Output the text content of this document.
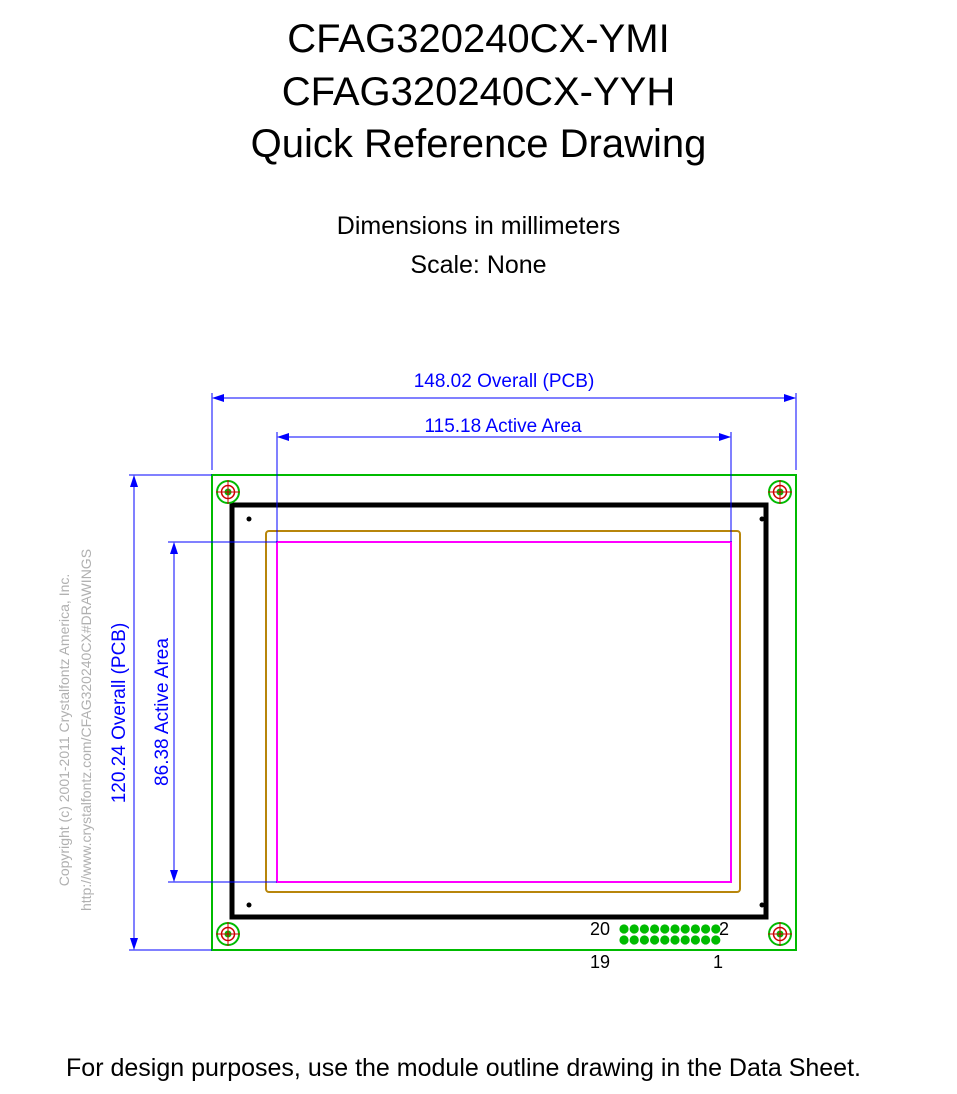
CFAG320240CX-YMI
CFAG320240CX-YYH
Quick Reference Drawing
Dimensions in millimeters
Scale: None
20	2
19	1
148.02 Overall (PCB)
115.18 Active Area
120.24 Overall (PCB) 86.38 Active Area
Copyright (c) 2001-2011 Crystalfontz America, Inc. http://www.crystalfontz.com/CFAG320240CX#DRAWINGS
For design purposes, use the module outline drawing in the Data Sheet.
